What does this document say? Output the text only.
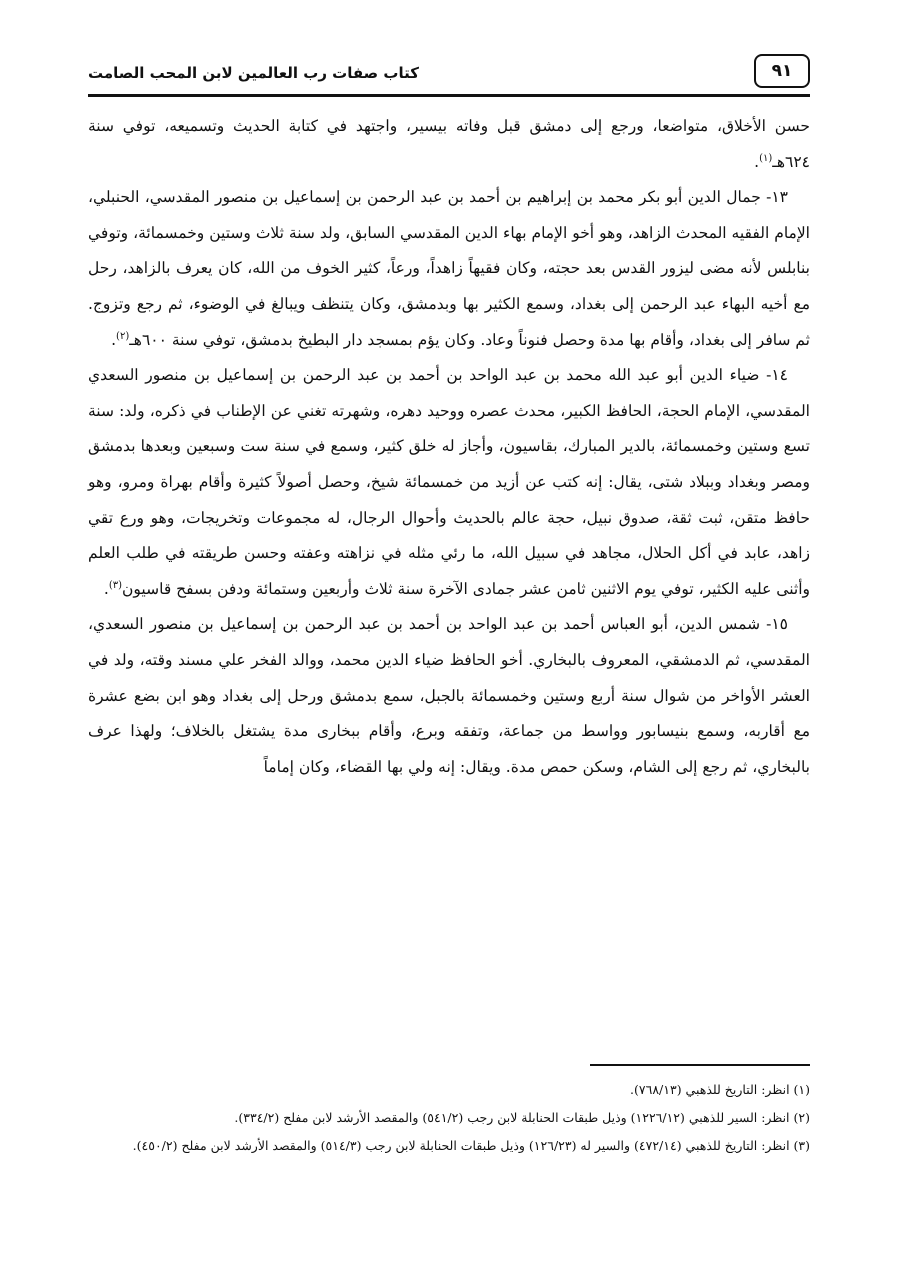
٩١
كتاب صفات رب العالمين لابن المحب الصامت

حسن الأخلاق، متواضعا، ورجع إلى دمشق قبل وفاته بيسير، واجتهد في كتابة الحديث وتسميعه، توفي سنة ٦٢٤هـ$^{(١)}$.

١٣- جمال الدين أبو بكر محمد بن إبراهيم بن أحمد بن عبد الرحمن بن إسماعيل بن منصور المقدسي، الحنبلي، الإمام الفقيه المحدث الزاهد، وهو أخو الإمام بهاء الدين المقدسي السابق، ولد سنة ثلاث وستين وخمسمائة، وتوفي بنابلس لأنه مضى ليزور القدس بعد حجته، وكان فقيهاً زاهداً، ورعاً، كثير الخوف من الله، كان يعرف بالزاهد، رحل مع أخيه البهاء عبد الرحمن إلى بغداد، وسمع الكثير بها وبدمشق، وكان يتنظف ويبالغ في الوضوء، ثم رجع وتزوج. ثم سافر إلى بغداد، وأقام بها مدة وحصل فنوناً وعاد. وكان يؤم بمسجد دار البطيخ بدمشق، توفي سنة ٦٠٠هـ$^{(٢)}$.

١٤- ضياء الدين أبو عبد الله محمد بن عبد الواحد بن أحمد بن عبد الرحمن بن إسماعيل بن منصور السعدي المقدسي، الإمام الحجة، الحافظ الكبير، محدث عصره ووحيد دهره، وشهرته تغني عن الإطناب في ذكره، ولد: سنة تسع وستين وخمسمائة، بالدير المبارك، بقاسيون، وأجاز له خلق كثير، وسمع في سنة ست وسبعين وبعدها بدمشق ومصر وبغداد وببلاد شتى، يقال: إنه كتب عن أزيد من خمسمائة شيخ، وحصل أصولاً كثيرة وأقام بهراة ومرو، وهو حافظ متقن، ثبت ثقة، صدوق نبيل، حجة عالم بالحديث وأحوال الرجال، له مجموعات وتخريجات، وهو ورع تقي زاهد، عابد في أكل الحلال، مجاهد في سبيل الله، ما رئي مثله في نزاهته وعفته وحسن طريقته في طلب العلم وأثنى عليه الكثير، توفي يوم الاثنين ثامن عشر جمادى الآخرة سنة ثلاث وأربعين وستمائة ودفن بسفح قاسيون$^{(٣)}$.

١٥- شمس الدين، أبو العباس أحمد بن عبد الواحد بن أحمد بن عبد الرحمن بن إسماعيل بن منصور السعدي، المقدسي، ثم الدمشقي، المعروف بالبخاري. أخو الحافظ ضياء الدين محمد، ووالد الفخر علي مسند وقته، ولد في العشر الأواخر من شوال سنة أربع وستين وخمسمائة بالجبل، سمع بدمشق ورحل إلى بغداد وهو ابن بضع عشرة مع أقاربه، وسمع بنيسابور وواسط من جماعة، وتفقه وبرع، وأقام ببخارى مدة يشتغل بالخلاف؛ ولهذا عرف بالبخاري، ثم رجع إلى الشام، وسكن حمص مدة. ويقال: إنه ولي بها القضاء، وكان إماماً

(١) انظر: التاريخ للذهبي (٧٦٨/١٣).

(٢) انظر: السير للذهبي (١٢٢٦/١٢) وذيل طبقات الحنابلة لابن رجب (٥٤١/٢) والمقصد الأرشد لابن مفلح (٣٣٤/٢).

(٣) انظر: التاريخ للذهبي (٤٧٢/١٤) والسير له (١٢٦/٢٣) وذيل طبقات الحنابلة لابن رجب (٥١٤/٣) والمقصد الأرشد لابن مفلح (٤٥٠/٢).
